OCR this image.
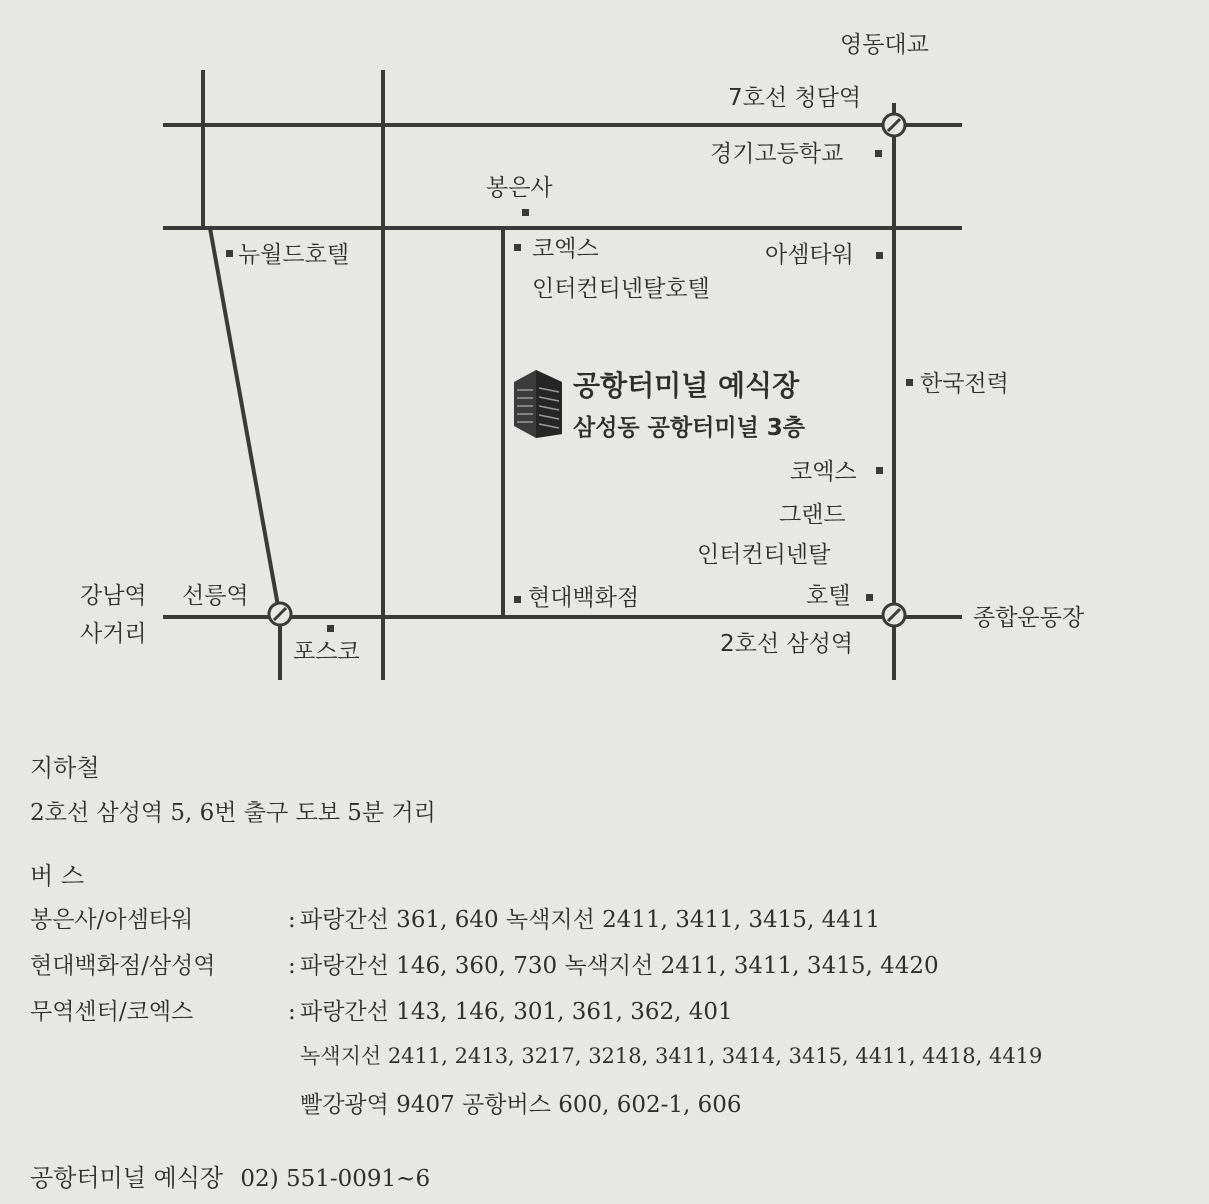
영동대교
7호선 청담역
경기고등학교
봉은사
뉴월드호텔	코엑스
인터컨티넨탈호텔
아셈타워
한국전력
공항터미널 예식장
삼성동 공항터미널 3층
코엑스
그랜드
인터컨티넨탈
호텔
강남역
사거리
선릉역	현대백화점
포스코	2호선 삼성역
종합운동장
지하철
2호선 삼성역 5, 6번 출구 도보 5분 거리
버 스
봉은사/아셈타워	: 파랑간선 361, 640 녹색지선 2411, 3411, 3415, 4411
현대백화점/삼성역	: 파랑간선 146, 360, 730 녹색지선 2411, 3411, 3415, 4420
무역센터/코엑스	: 파랑간선 143, 146, 301, 361, 362, 401
녹색지선 2411, 2413, 3217, 3218, 3411, 3414, 3415, 4411, 4418, 4419
빨강광역 9407 공항버스 600, 602-1, 606
공항터미널 예식장 02) 551-0091~6
